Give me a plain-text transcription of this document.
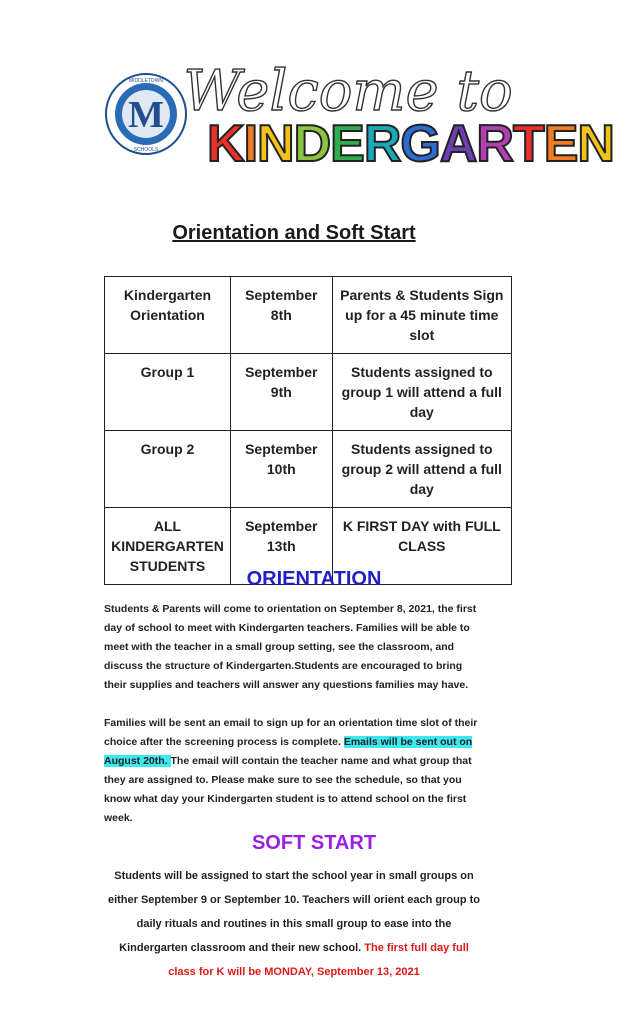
M
MIDDLETOWN
SCHOOLS
Welcome to
KINDERGARTEN
Orientation and Soft Start
Kindergarten Orientation	September 8th	Parents & Students Sign up for a 45 minute time slot
Group 1	September 9th	Students assigned to group 1 will attend a full day
Group 2	September 10th	Students assigned to group 2 will attend a full day
ALL KINDERGARTEN STUDENTS	September 13th	K FIRST DAY with FULL CLASS
ORIENTATION
Students & Parents will come to orientation on September 8, 2021, the first day of school to meet with Kindergarten teachers. Families will be able to meet with the teacher in a small group setting, see the classroom, and discuss the structure of Kindergarten.Students are encouraged to bring their supplies and teachers will answer any questions families may have.
Families will be sent an email to sign up for an orientation time slot of their choice after the screening process is complete. Emails will be sent out on August 20th. The email will contain the teacher name and what group that they are assigned to. Please make sure to see the schedule, so that you know what day your Kindergarten student is to attend school on the first week.
SOFT START
Students will be assigned to start the school year in small groups on either September 9 or September 10. Teachers will orient each group to daily rituals and routines in this small group to ease into the Kindergarten classroom and their new school. The first full day full class for K will be MONDAY, September 13, 2021
